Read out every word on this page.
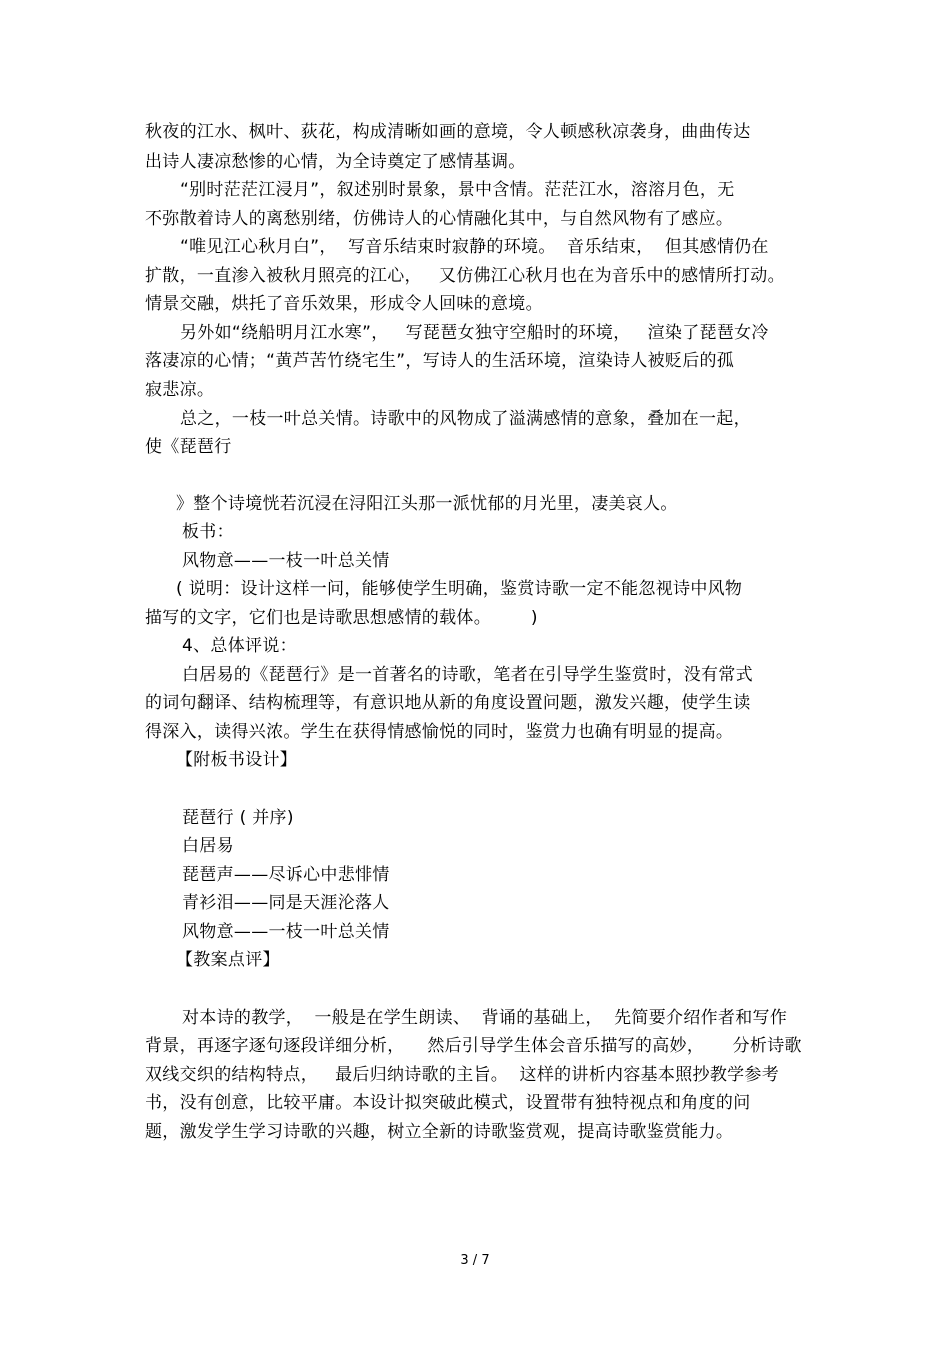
秋夜的江水、枫叶、荻花，构成清晰如画的意境，令人顿感秋凉袭身，曲曲传达
出诗人凄凉愁惨的心情，为全诗奠定了感情基调。
“别时茫茫江浸月”，叙述别时景象，景中含情。茫茫江水，溶溶月色，无
不弥散着诗人的离愁别绪，仿佛诗人的心情融化其中，与自然风物有了感应。
“唯见江心秋月白”，  写音乐结束时寂静的环境。  音乐结束，  但其感情仍在
扩散，一直渗入被秋月照亮的江心，   又仿佛江心秋月也在为音乐中的感情所打动。
情景交融，烘托了音乐效果，形成令人回味的意境。
另外如“绕船明月江水寒”，   写琵琶女独守空船时的环境，   渲染了琵琶女冷
落凄凉的心情；“黄芦苦竹绕宅生”，写诗人的生活环境，渲染诗人被贬后的孤
寂悲凉。
总之，一枝一叶总关情。诗歌中的风物成了溢满感情的意象，叠加在一起，
使《琵琶行
》整个诗境恍若沉浸在浔阳江头那一派忧郁的月光里，凄美哀人。
板书：
风物意——一枝一叶总关情
( 说明：设计这样一问，能够使学生明确，鉴赏诗歌一定不能忽视诗中风物
描写的文字，它们也是诗歌思想感情的载体。       )
4、总体评说：
白居易的《琵琶行》是一首著名的诗歌，笔者在引导学生鉴赏时，没有常式
的词句翻译、结构梳理等，有意识地从新的角度设置问题，激发兴趣，使学生读
得深入，读得兴浓。学生在获得情感愉悦的同时，鉴赏力也确有明显的提高。
【附板书设计】
琵琶行 ( 并序)
白居易
琵琶声——尽诉心中悲悱情
青衫泪——同是天涯沦落人
风物意——一枝一叶总关情
【教案点评】
对本诗的教学，  一般是在学生朗读、  背诵的基础上，  先简要介绍作者和写作
背景，再逐字逐句逐段详细分析，    然后引导学生体会音乐描写的高妙，     分析诗歌
双线交织的结构特点，   最后归纳诗歌的主旨。  这样的讲析内容基本照抄教学参考
书，没有创意，比较平庸。本设计拟突破此模式，设置带有独特视点和角度的问
题，激发学生学习诗歌的兴趣，树立全新的诗歌鉴赏观，提高诗歌鉴赏能力。
3 / 7
